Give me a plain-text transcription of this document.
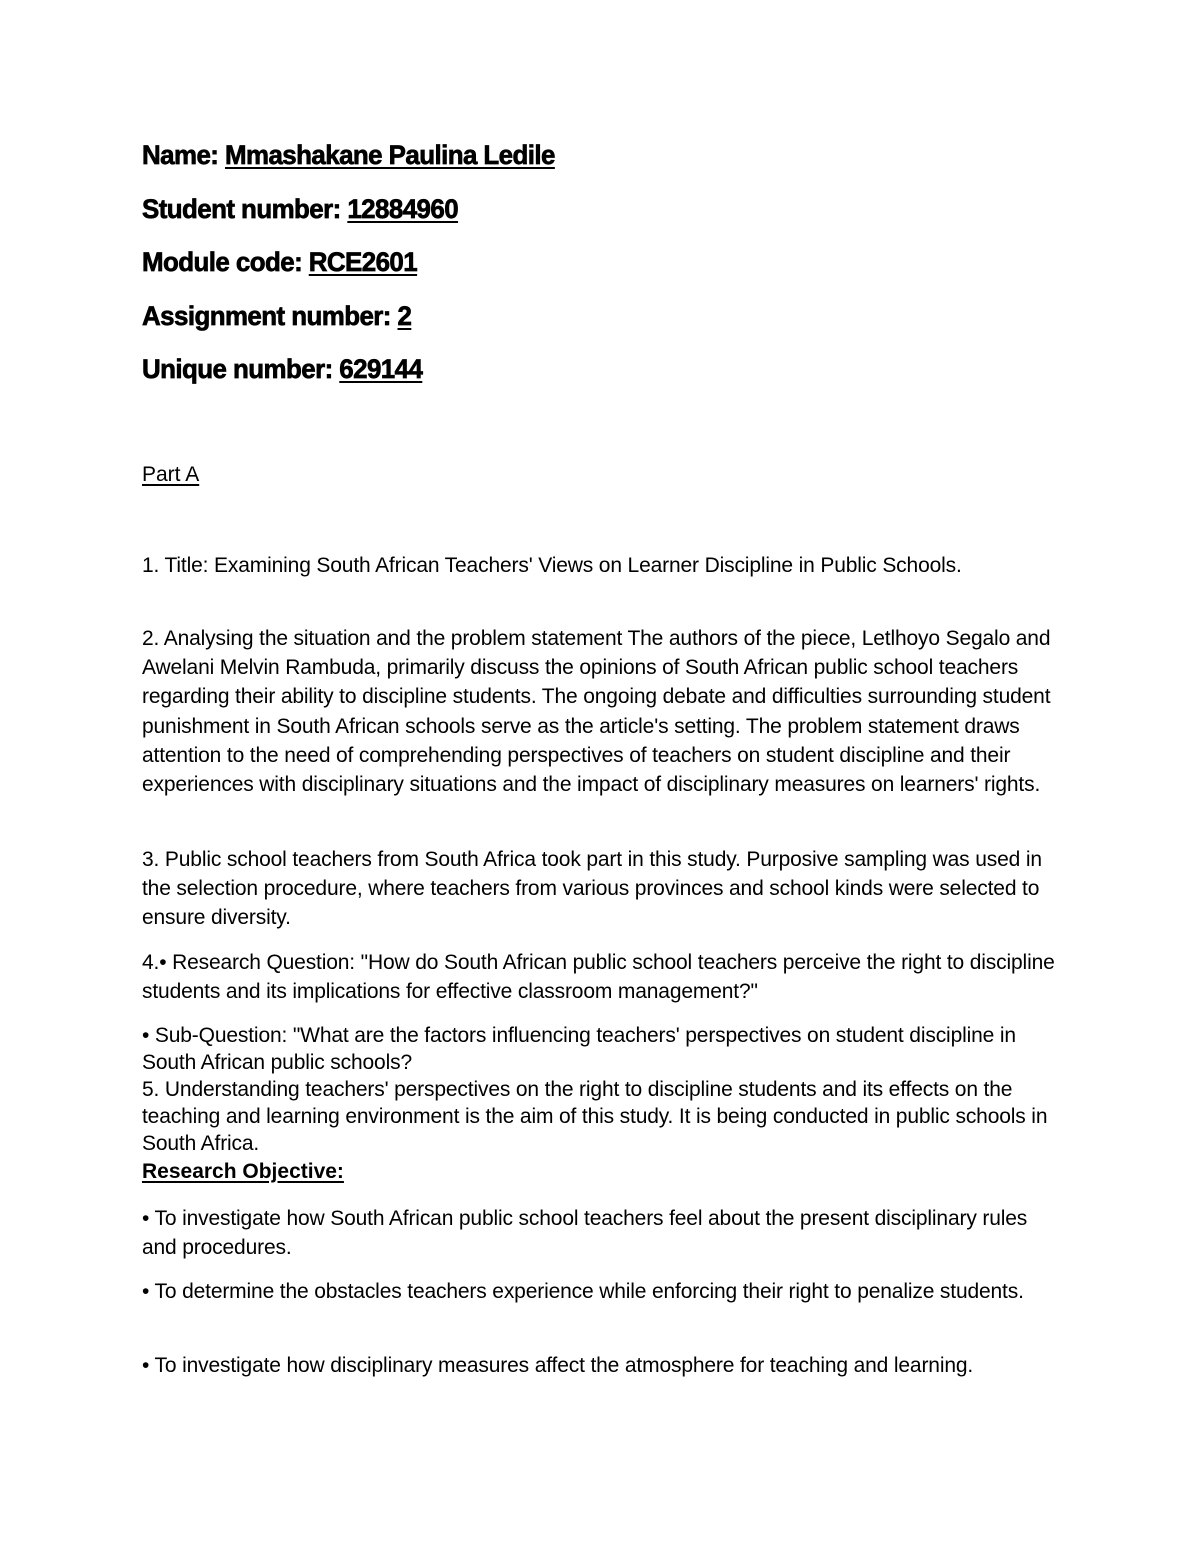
Name: Mmashakane Paulina Ledile
Student number: 12884960
Module code: RCE2601
Assignment number: 2
Unique number: 629144
Part A

1. Title: Examining South African Teachers' Views on Learner Discipline in Public Schools.

2. Analysing the situation and the problem statement The authors of the piece, Letlhoyo Segalo and Awelani Melvin Rambuda, primarily discuss the opinions of South African public school teachers regarding their ability to discipline students. The ongoing debate and difficulties surrounding student punishment in South African schools serve as the article's setting. The problem statement draws attention to the need of comprehending perspectives of teachers on student discipline and their experiences with disciplinary situations and the impact of disciplinary measures on learners' rights.

3. Public school teachers from South Africa took part in this study. Purposive sampling was used in the selection procedure, where teachers from various provinces and school kinds were selected to ensure diversity.

4.• Research Question: "How do South African public school teachers perceive the right to discipline students and its implications for effective classroom management?"

• Sub-Question: "What are the factors influencing teachers' perspectives on student discipline in South African public schools?

5. Understanding teachers' perspectives on the right to discipline students and its effects on the teaching and learning environment is the aim of this study. It is being conducted in public schools in South Africa.

Research Objective:

• To investigate how South African public school teachers feel about the present disciplinary rules and procedures.

• To determine the obstacles teachers experience while enforcing their right to penalize students.

• To investigate how disciplinary measures affect the atmosphere for teaching and learning.
